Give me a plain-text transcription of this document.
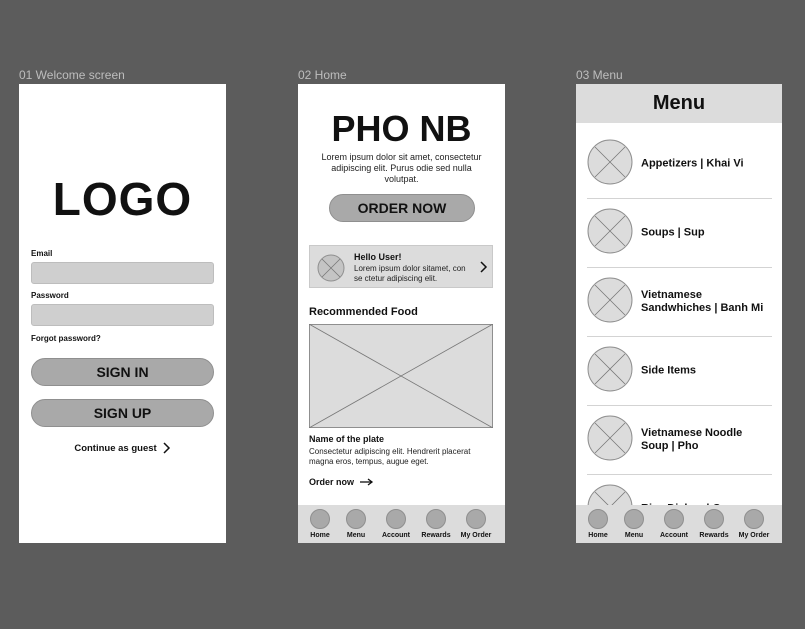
01 Welcome screen	02 Home	03 Menu
LOGO
Email
Password
Forgot password?
SIGN IN
SIGN UP
Continue as guest
PHO NB
Lorem ipsum dolor sit amet, consectetur adipiscing elit. Purus odie sed nulla volutpat.
ORDER NOW
Hello User!
Lorem ipsum dolor sitamet, con se ctetur adipiscing elit.
Recommended Food
Name of the plate
Consectetur adipiscing elit. Hendrerit placerat magna eros, tempus, augue eget.
Order now
Home	Menu	Account	Rewards	My Order
Menu
Appetizers | Khai Vi
Soups | Sup
Vietnamese
Sandwhiches | Banh Mi
Side Items
Vietnamese Noodle
Soup | Pho
Home	Menu	Account	Rewards	My Order
